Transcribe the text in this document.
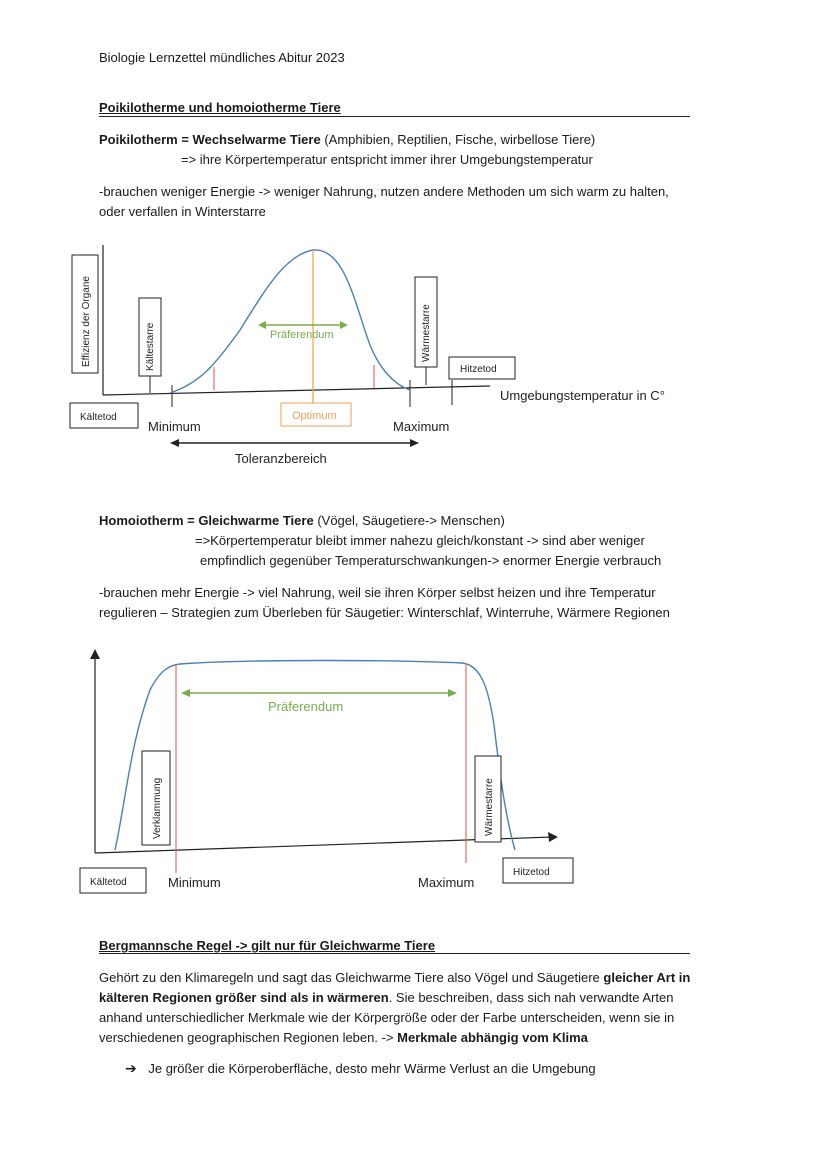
Biologie Lernzettel mündliches Abitur 2023
Poikilotherme und homoiotherme Tiere
Poikilotherm = Wechselwarme Tiere (Amphibien, Reptilien, Fische, wirbellose Tiere)
=> ihre Körpertemperatur entspricht immer ihrer Umgebungstemperatur
-brauchen weniger Energie -> weniger Nahrung, nutzen andere Methoden um sich warm zu halten,
oder verfallen in Winterstarre
Effizienz der Organe	Kältestarre	Präferendum
Optimum
Wärmestarre
Hitzetod
Umgebungstemperatur in C°
Kältetod
Minimum	Maximum
Toleranzbereich
Homoiotherm = Gleichwarme Tiere (Vögel, Säugetiere-> Menschen)
=>Körpertemperatur bleibt immer nahezu gleich/konstant -> sind aber weniger
empfindlich gegenüber Temperaturschwankungen-> enormer Energie verbrauch
-brauchen mehr Energie -> viel Nahrung, weil sie ihren Körper selbst heizen und ihre Temperatur
regulieren – Strategien zum Überleben für Säugetier: Winterschlaf, Winterruhe, Wärmere Regionen
Präferendum
Verklammung	Wärmestarre
Hitzetod
Kältetod	Minimum	Maximum
Bergmannsche Regel -> gilt nur für Gleichwarme Tiere
Gehört zu den Klimaregeln und sagt das Gleichwarme Tiere also Vögel und Säugetiere gleicher Art in
kälteren Regionen größer sind als in wärmeren. Sie beschreiben, dass sich nah verwandte Arten
anhand unterschiedlicher Merkmale wie der Körpergröße oder der Farbe unterscheiden, wenn sie in
verschiedenen geographischen Regionen leben. -> Merkmale abhängig vom Klima
➔ Je größer die Körperoberfläche, desto mehr Wärme Verlust an die Umgebung
